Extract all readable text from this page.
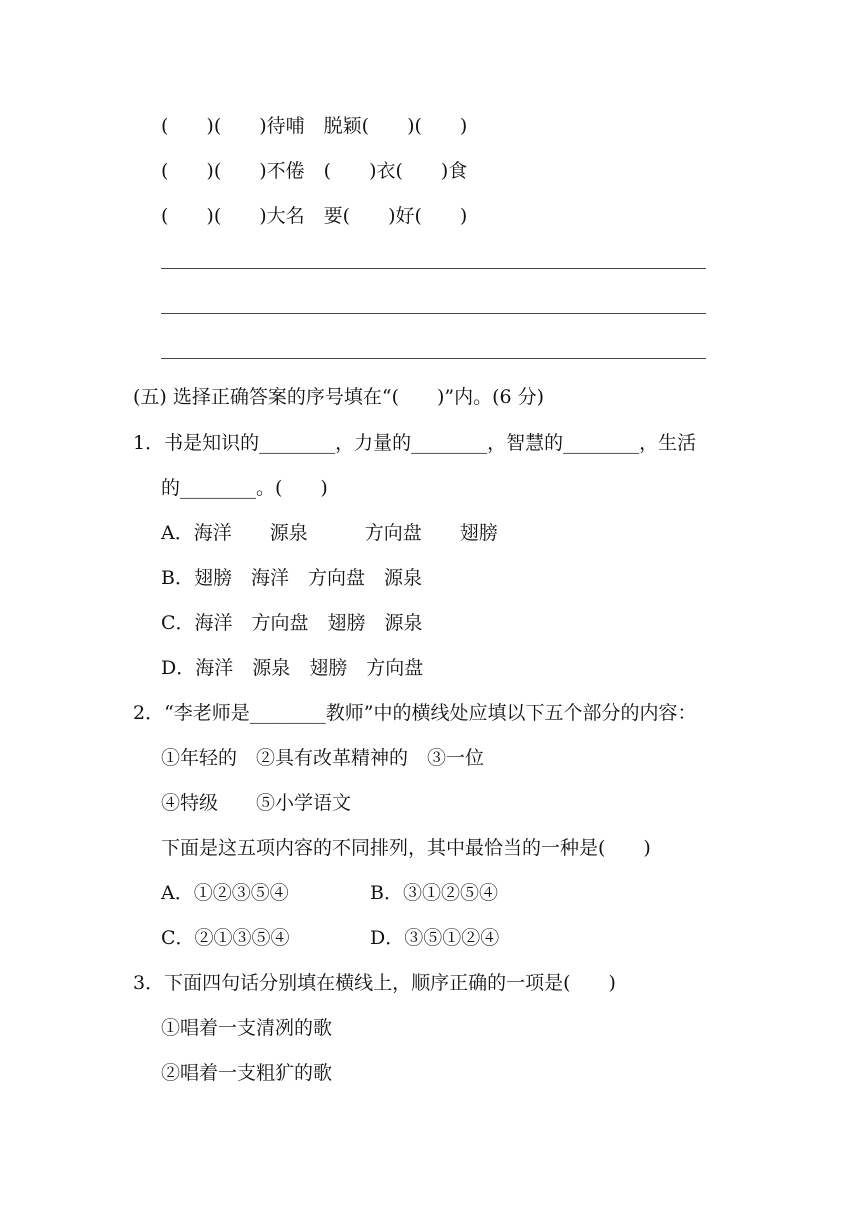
(　　)(　　)待哺　脱颖(　　)(　　)
(　　)(　　)不倦　(　　)衣(　　)食
(　　)(　　)大名　要(　　)好(　　)
(五) 选择正确答案的序号填在“(　　)”内。(6 分)
1．书是知识的________，力量的________，智慧的________，生活
的________。(　　)
A．海洋　　源泉　　　方向盘　　翅膀
B．翅膀　海洋　方向盘　源泉
C．海洋　方向盘　翅膀　源泉
D．海洋　源泉　翅膀　方向盘
2．“李老师是________教师”中的横线处应填以下五个部分的内容：
①年轻的　②具有改革精神的　③一位
④特级　　⑤小学语文
下面是这五项内容的不同排列，其中最恰当的一种是(　　)
A．①②③⑤④	B．③①②⑤④
C．②①③⑤④	D．③⑤①②④
3．下面四句话分别填在横线上，顺序正确的一项是(　　)
①唱着一支清冽的歌
②唱着一支粗犷的歌
